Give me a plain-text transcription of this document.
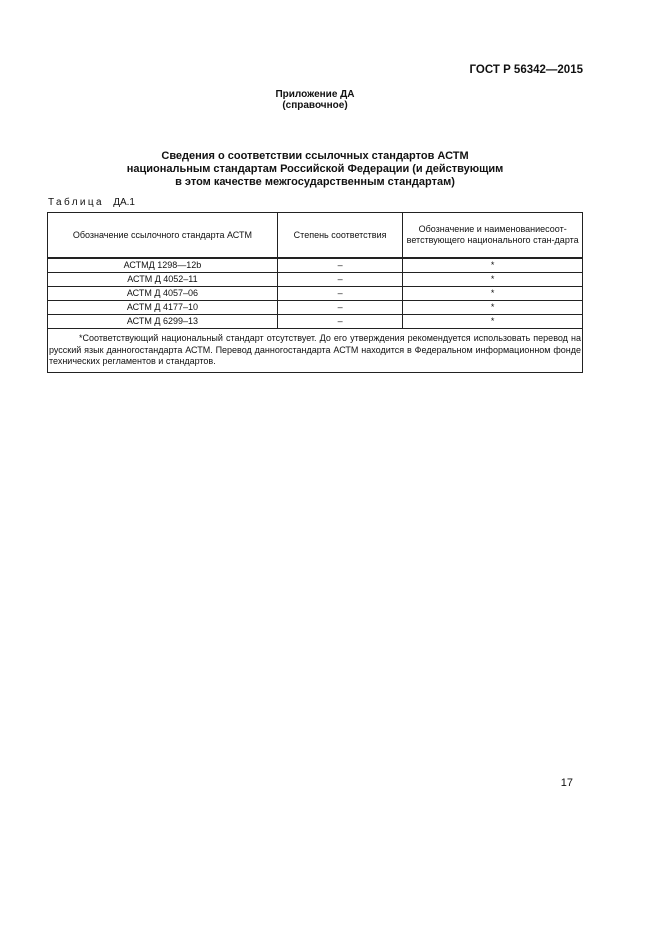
ГОСТ Р 56342—2015
Приложение ДА
(справочное)
Сведения о соответствии ссылочных стандартов АСТМ
национальным стандартам Российской Федерации (и действующим
в этом качестве межгосударственным стандартам)
Таблица ДА.1
Обозначение ссылочного стандарта АСТМ	Степень соответствия	Обозначение и наименованиесоот-ветствующего национального стан-дарта
АСТМД 1298—12b	–	*
АСТМ Д 4052–11	–	*
АСТМ Д 4057–06	–	*
АСТМ Д 4177–10	–	*
АСТМ Д 6299–13	–	*

*Соответствующий национальный стандарт отсутствует. До его утверждения рекомендуется использовать перевод на русский язык данногостандарта АСТМ. Перевод данногостандарта АСТМ находится в Федеральном информационном фонде технических регламентов и стандартов.		

17
